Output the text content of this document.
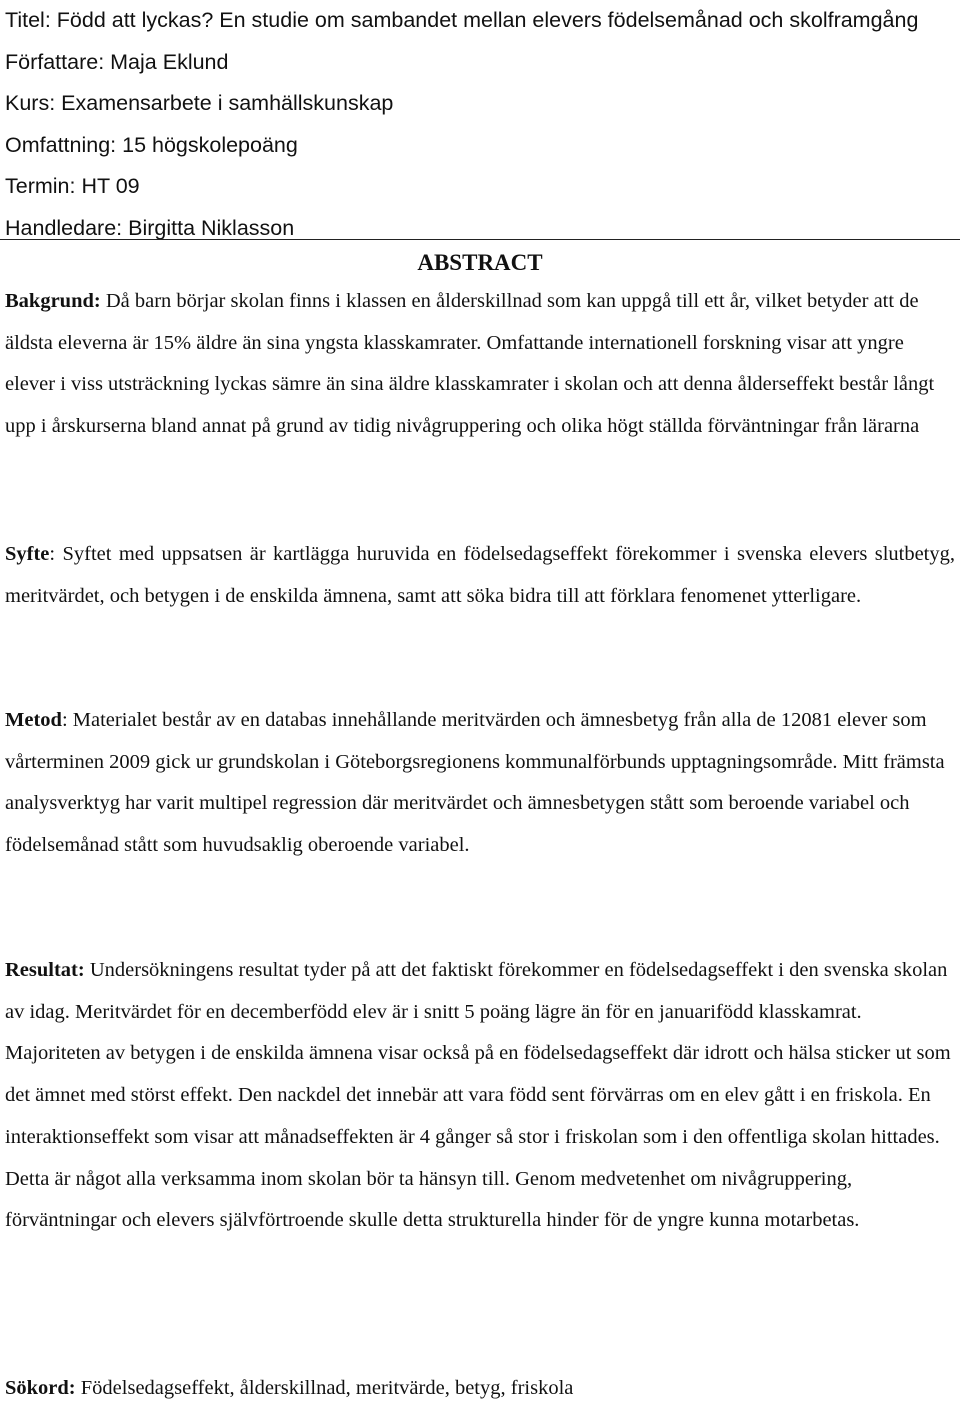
Titel: Född att lyckas? En studie om sambandet mellan elevers födelsemånad och skolframgång
Författare: Maja Eklund
Kurs: Examensarbete i samhällskunskap
Omfattning: 15 högskolepoäng
Termin: HT 09
Handledare: Birgitta Niklasson
ABSTRACT
Bakgrund: Då barn börjar skolan finns i klassen en ålderskillnad som kan uppgå till ett år, vilket betyder att de äldsta eleverna är 15% äldre än sina yngsta klasskamrater. Omfattande internationell forskning visar att yngre elever i viss utsträckning lyckas sämre än sina äldre klasskamrater i skolan och att denna ålderseffekt består långt upp i årskurserna bland annat på grund av tidig nivågruppering och olika högt ställda förväntningar från lärarna
Syfte: Syftet med uppsatsen är kartlägga huruvida en födelsedagseffekt förekommer i svenska elevers slutbetyg, meritvärdet, och betygen i de enskilda ämnena, samt att söka bidra till att förklara fenomenet ytterligare.
Metod: Materialet består av en databas innehållande meritvärden och ämnesbetyg från alla de 12081 elever som vårterminen 2009 gick ur grundskolan i Göteborgsregionens kommunalförbunds upptagningsområde. Mitt främsta analysverktyg har varit multipel regression där meritvärdet och ämnesbetygen stått som beroende variabel och födelsemånad stått som huvudsaklig oberoende variabel.
Resultat: Undersökningens resultat tyder på att det faktiskt förekommer en födelsedagseffekt i den svenska skolan av idag. Meritvärdet för en decemberfödd elev är i snitt 5 poäng lägre än för en januarifödd klasskamrat. Majoriteten av betygen i de enskilda ämnena visar också på en födelsedagseffekt där idrott och hälsa sticker ut som det ämnet med störst effekt. Den nackdel det innebär att vara född sent förvärras om en elev gått i en friskola. En interaktionseffekt som visar att månadseffekten är 4 gånger så stor i friskolan som i den offentliga skolan hittades. Detta är något alla verksamma inom skolan bör ta hänsyn till. Genom medvetenhet om nivågruppering, förväntningar och elevers självförtroende skulle detta strukturella hinder för de yngre kunna motarbetas.
Sökord: Födelsedagseffekt, ålderskillnad, meritvärde, betyg, friskola
